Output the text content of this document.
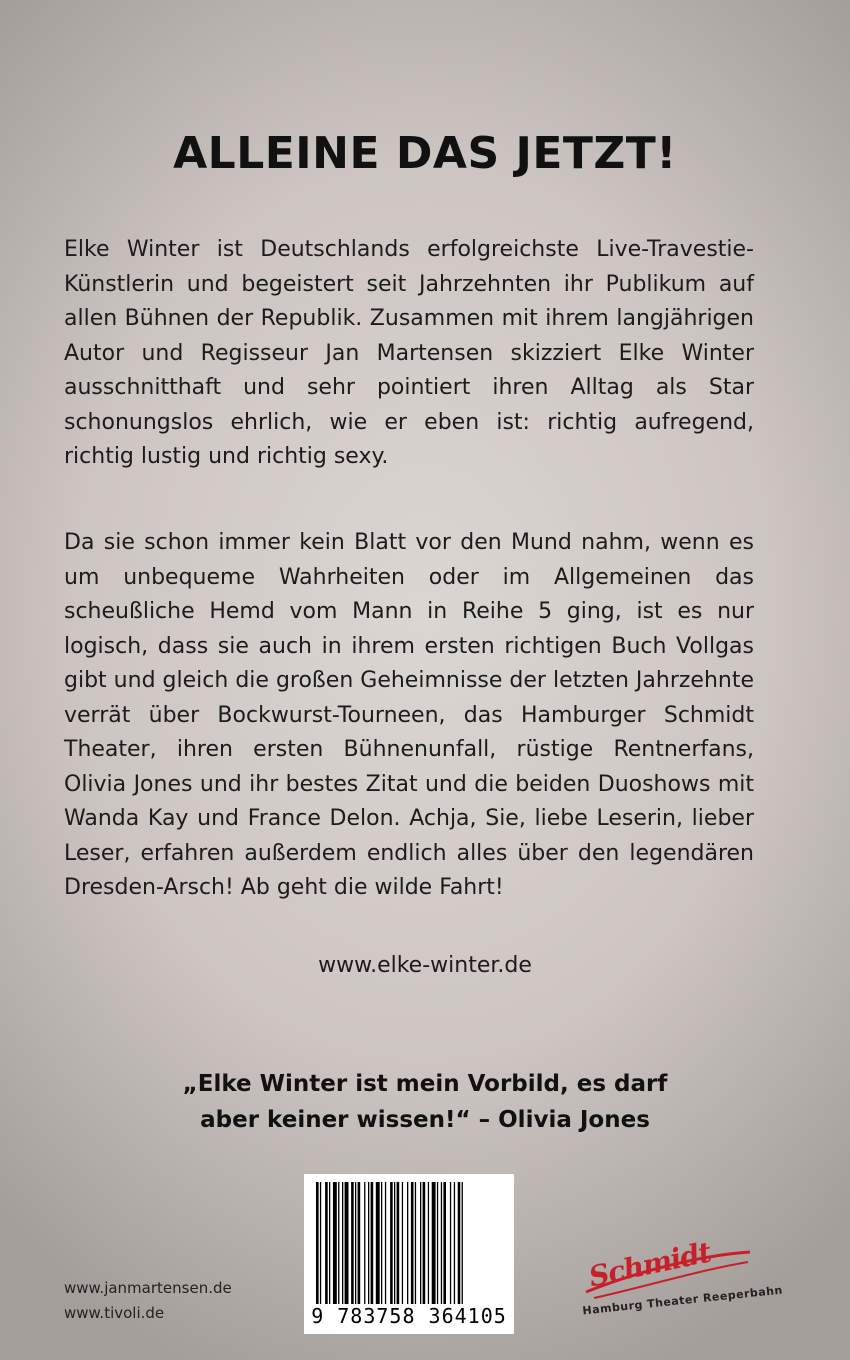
ALLEINE DAS JETZT!

Elke Winter ist Deutschlands erfolgreichste Live-Travestie-Künstlerin und begeistert seit Jahrzehnten ihr Publikum auf allen Bühnen der Republik. Zusammen mit ihrem langjährigen Autor und Regisseur Jan Martensen skizziert Elke Winter ausschnitthaft und sehr pointiert ihren Alltag als Star schonungslos ehrlich, wie er eben ist: richtig aufregend, richtig lustig und richtig sexy.

Da sie schon immer kein Blatt vor den Mund nahm, wenn es um unbequeme Wahrheiten oder im Allgemeinen das scheußliche Hemd vom Mann in Reihe 5 ging, ist es nur logisch, dass sie auch in ihrem ersten richtigen Buch Vollgas gibt und gleich die großen Geheimnisse der letzten Jahrzehnte verrät über Bockwurst-Tourneen, das Hamburger Schmidt Theater, ihren ersten Bühnenunfall, rüstige Rentnerfans, Olivia Jones und ihr bestes Zitat und die beiden Duoshows mit Wanda Kay und France Delon. Achja, Sie, liebe Leserin, lieber Leser, erfahren außerdem endlich alles über den legendären Dresden-Arsch! Ab geht die wilde Fahrt!

www.elke-winter.de
„Elke Winter ist mein Vorbild, es darf
aber keiner wissen!“ – Olivia Jones
9 783758 364105
www.janmartensen.de
www.tivoli.de
Schmidt
Hamburg Theater Reeperbahn
